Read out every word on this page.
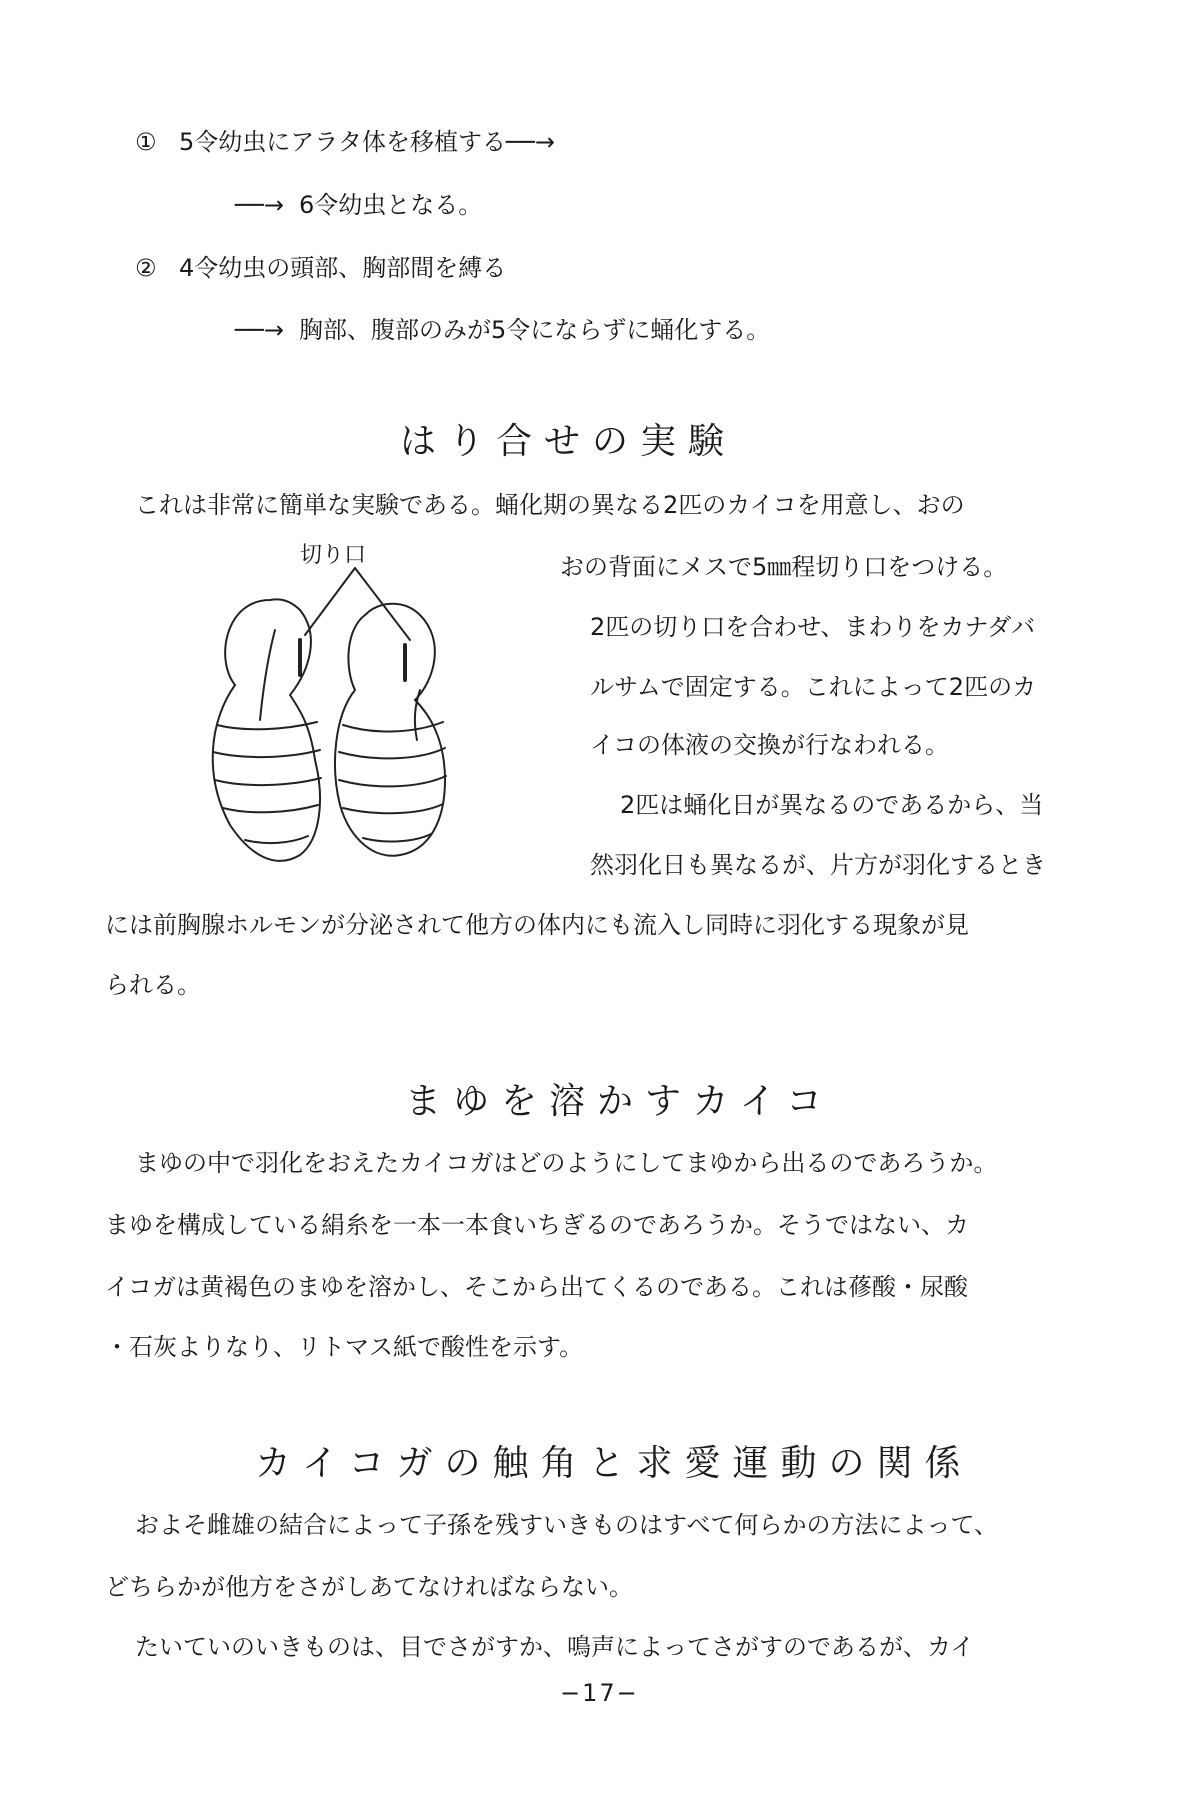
① 5令幼虫にアラタ体を移植する──→
──→ 6令幼虫となる。
② 4令幼虫の頭部、胸部間を縛る
──→ 胸部、腹部のみが5令にならずに蛹化する。
はり合せの実験
これは非常に簡単な実験である。蛹化期の異なる2匹のカイコを用意し、おの
切り口	おの背面にメスで5㎜程切り口をつける。
2匹の切り口を合わせ、まわりをカナダバ
ルサムで固定する。これによって2匹のカ
イコの体液の交換が行なわれる。
2匹は蛹化日が異なるのであるから、当
然羽化日も異なるが、片方が羽化するとき
には前胸腺ホルモンが分泌されて他方の体内にも流入し同時に羽化する現象が見
られる。
まゆを溶かすカイコ
まゆの中で羽化をおえたカイコガはどのようにしてまゆから出るのであろうか。
まゆを構成している絹糸を一本一本食いちぎるのであろうか。そうではない、カ
イコガは黄褐色のまゆを溶かし、そこから出てくるのである。これは蓚酸・尿酸
・石灰よりなり、リトマス紙で酸性を示す。
カイコガの触角と求愛運動の関係
およそ雌雄の結合によって子孫を残すいきものはすべて何らかの方法によって、
どちらかが他方をさがしあてなければならない。
たいていのいきものは、目でさがすか、鳴声によってさがすのであるが、カイ
−17−
